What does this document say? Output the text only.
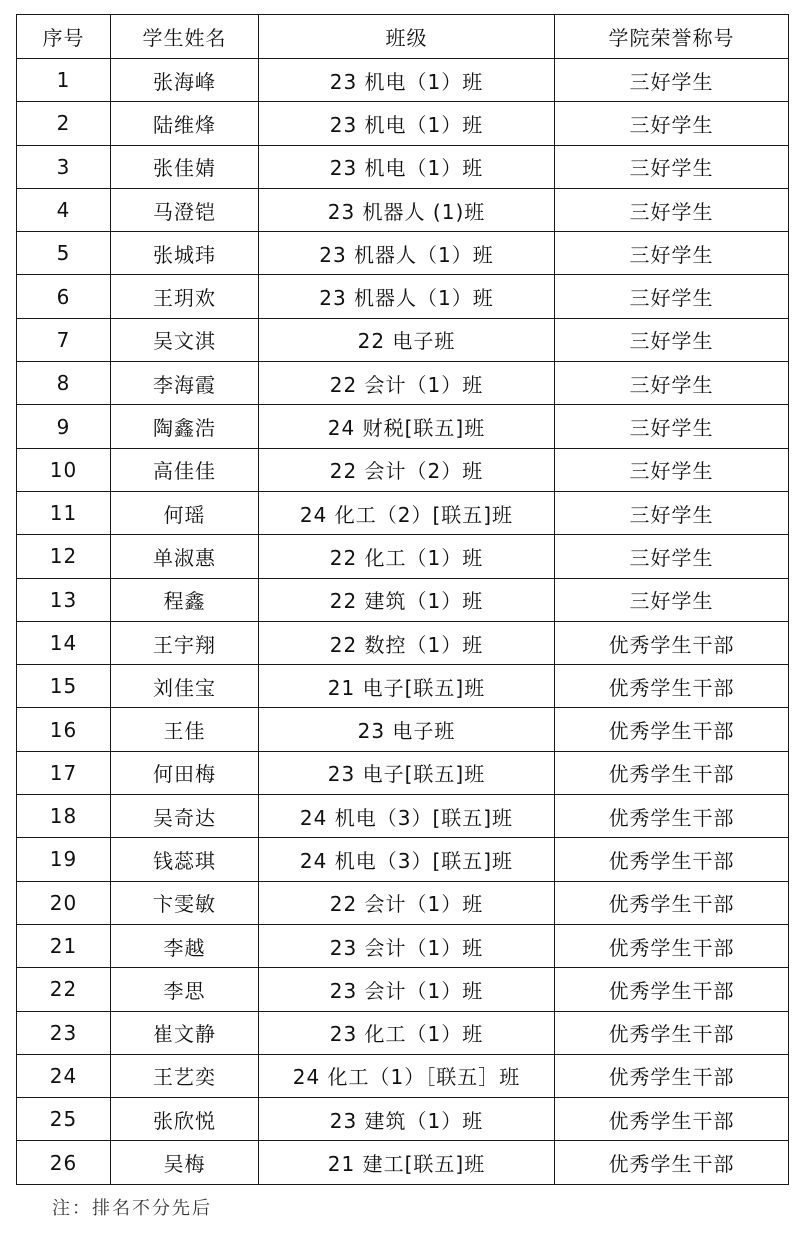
序号	学生姓名	班级	学院荣誉称号
1	张海峰	23 机电（1）班	三好学生
2	陆维烽	23 机电（1）班	三好学生
3	张佳婧	23 机电（1）班	三好学生
4	马澄铠	23 机器人 (1)班	三好学生
5	张城玮	23 机器人（1）班	三好学生
6	王玥欢	23 机器人（1）班	三好学生
7	吴文淇	22 电子班	三好学生
8	李海霞	22 会计（1）班	三好学生
9	陶鑫浩	24 财税[联五]班	三好学生
10	高佳佳	22 会计（2）班	三好学生
11	何瑶	24 化工（2）[联五]班	三好学生
12	单淑惠	22 化工（1）班	三好学生
13	程鑫	22 建筑（1）班	三好学生
14	王宇翔	22 数控（1）班	优秀学生干部
15	刘佳宝	21 电子[联五]班	优秀学生干部
16	王佳	23 电子班	优秀学生干部
17	何田梅	23 电子[联五]班	优秀学生干部
18	吴奇达	24 机电（3）[联五]班	优秀学生干部
19	钱蕊琪	24 机电（3）[联五]班	优秀学生干部
20	卞雯敏	22 会计（1）班	优秀学生干部
21	李越	23 会计（1）班	优秀学生干部
22	李思	23 会计（1）班	优秀学生干部
23	崔文静	23 化工（1）班	优秀学生干部
24	王艺奕	24 化工（1）［联五］班	优秀学生干部
25	张欣悦	23 建筑（1）班	优秀学生干部
26	吴梅	21 建工[联五]班	优秀学生干部
注：排名不分先后
